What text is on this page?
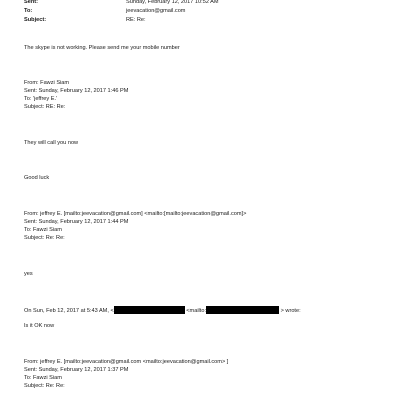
Sent:	Sunday, February 12, 2017 10:52 AM
To:	jeevacation@gmail.com
Subject:	RE: Re:
The skype is not working. Please send me your mobile number
From: Fawzi Siam
Sent: Sunday, February 12, 2017 1:46 PM
To: 'jeffrey E.'
Subject: RE: Re:
They will call you now
Good luck
From: jeffrey E. [mailto:jeevacation@gmail.com] <mailto:[mailto:jeevacation@gmail.com]>
Sent: Sunday, February 12, 2017 1:44 PM
To: Fawzi Siam
Subject: Re: Re:
yes
On Sun, Feb 12, 2017 at 5:43 AM, <	<mailto:	> wrote:
Is it OK now
From: jeffrey E. [mailto:jeevacation@gmail.com <mailto:jeevacation@gmail.com> ]
Sent: Sunday, February 12, 2017 1:37 PM
To: Fawzi Siam
Subject: Re: Re:
